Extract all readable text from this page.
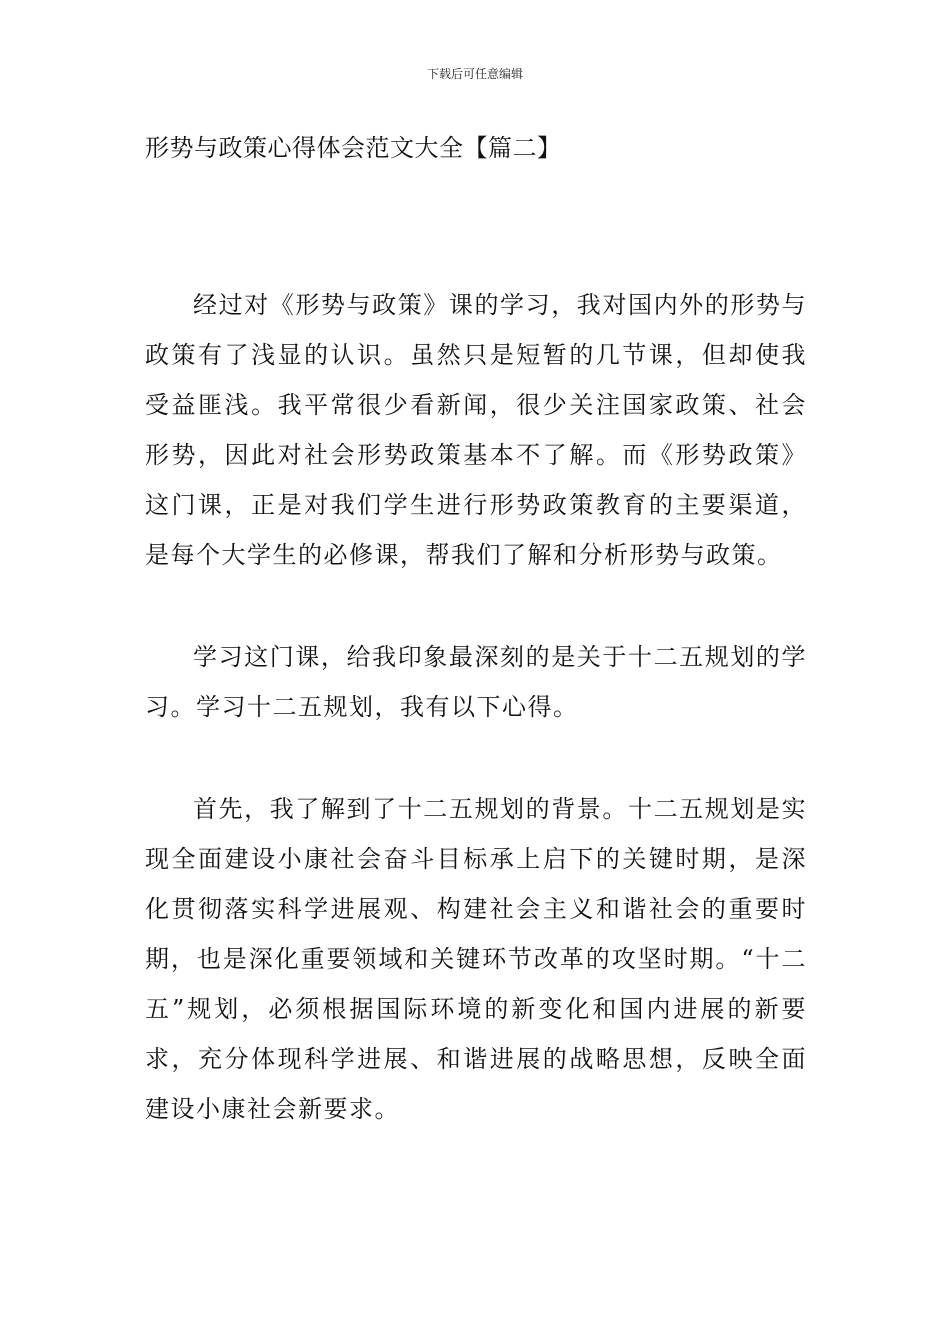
下载后可任意编辑
形势与政策心得体会范文大全【篇二】

经过对《形势与政策》课的学习，我对国内外的形势与政策有了浅显的认识。虽然只是短暂的几节课，但却使我受益匪浅。我平常很少看新闻，很少关注国家政策、社会形势，因此对社会形势政策基本不了解。而《形势政策》这门课，正是对我们学生进行形势政策教育的主要渠道，是每个大学生的必修课，帮我们了解和分析形势与政策。

学习这门课，给我印象最深刻的是关于十二五规划的学习。学习十二五规划，我有以下心得。

首先，我了解到了十二五规划的背景。十二五规划是实现全面建设小康社会奋斗目标承上启下的关键时期，是深化贯彻落实科学进展观、构建社会主义和谐社会的重要时期，也是深化重要领域和关键环节改革的攻坚时期。“十二五”规划，必须根据国际环境的新变化和国内进展的新要求，充分体现科学进展、和谐进展的战略思想，反映全面建设小康社会新要求。
